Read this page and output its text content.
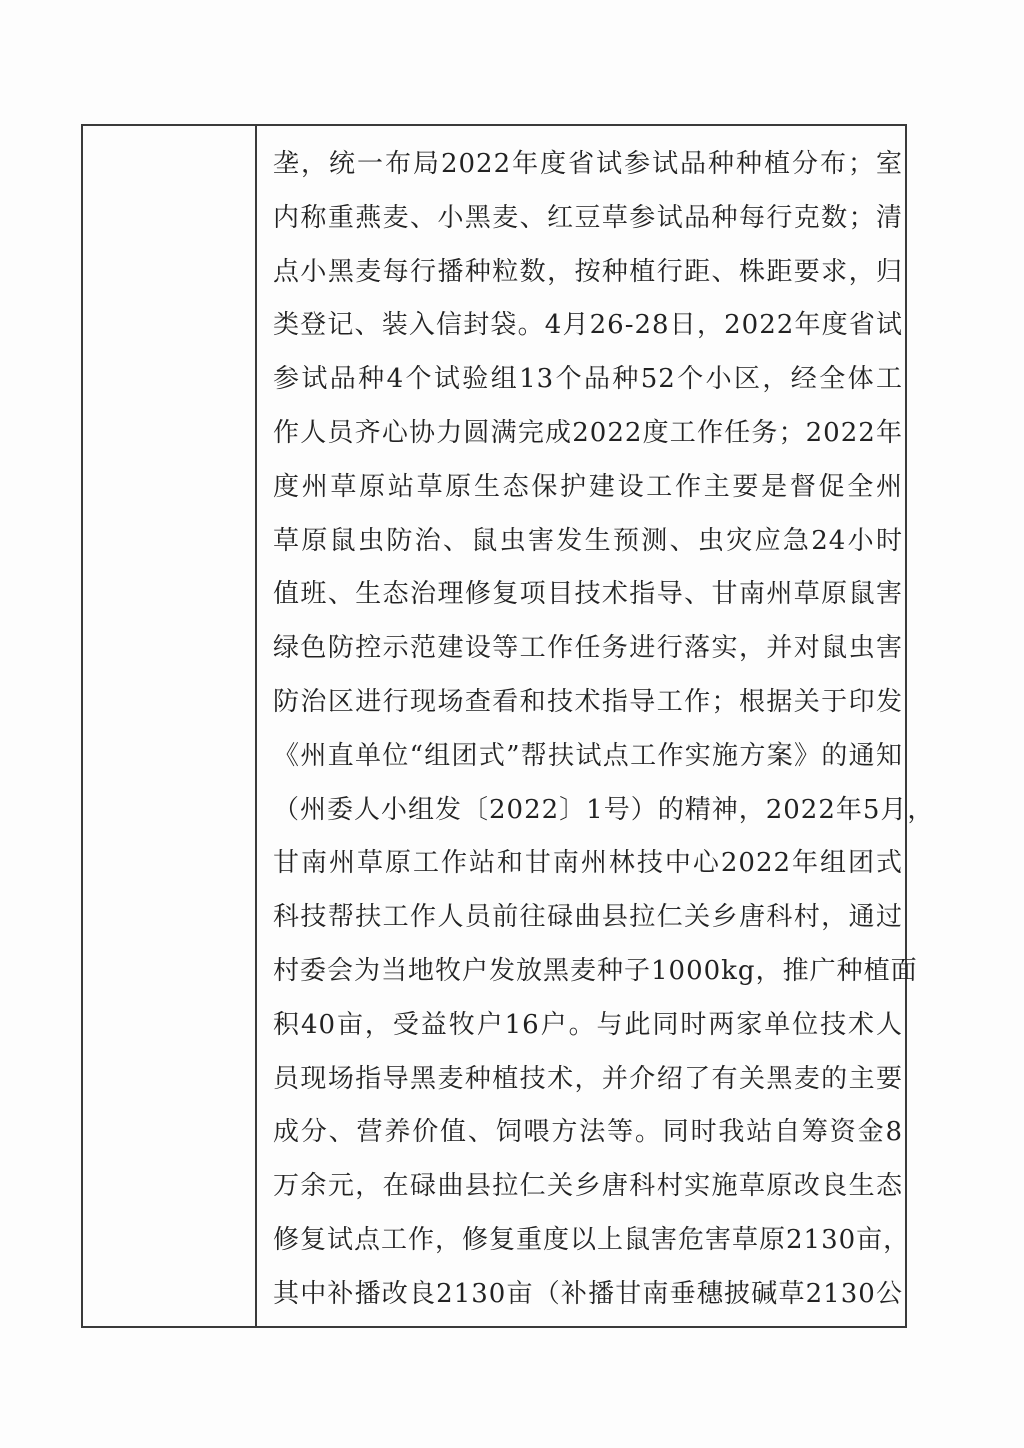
垄，统一布局2022年度省试参试品种种植分布；室
内称重燕麦、小黑麦、红豆草参试品种每行克数；清
点小黑麦每行播种粒数，按种植行距、株距要求，归
类登记、装入信封袋。4月26-28日，2022年度省试
参试品种4个试验组13个品种52个小区，经全体工
作人员齐心协力圆满完成2022度工作任务；2022年
度州草原站草原生态保护建设工作主要是督促全州
草原鼠虫防治、鼠虫害发生预测、虫灾应急24小时
值班、生态治理修复项目技术指导、甘南州草原鼠害
绿色防控示范建设等工作任务进行落实，并对鼠虫害
防治区进行现场查看和技术指导工作；根据关于印发
《州直单位“组团式”帮扶试点工作实施方案》的通知
（州委人小组发〔2022〕1号）的精神，2022年5月，
甘南州草原工作站和甘南州林技中心2022年组团式
科技帮扶工作人员前往碌曲县拉仁关乡唐科村，通过
村委会为当地牧户发放黑麦种子1000kg，推广种植面
积40亩，受益牧户16户。与此同时两家单位技术人
员现场指导黑麦种植技术，并介绍了有关黑麦的主要
成分、营养价值、饲喂方法等。同时我站自筹资金8
万余元，在碌曲县拉仁关乡唐科村实施草原改良生态
修复试点工作，修复重度以上鼠害危害草原2130亩，
其中补播改良2130亩（补播甘南垂穗披碱草2130公
